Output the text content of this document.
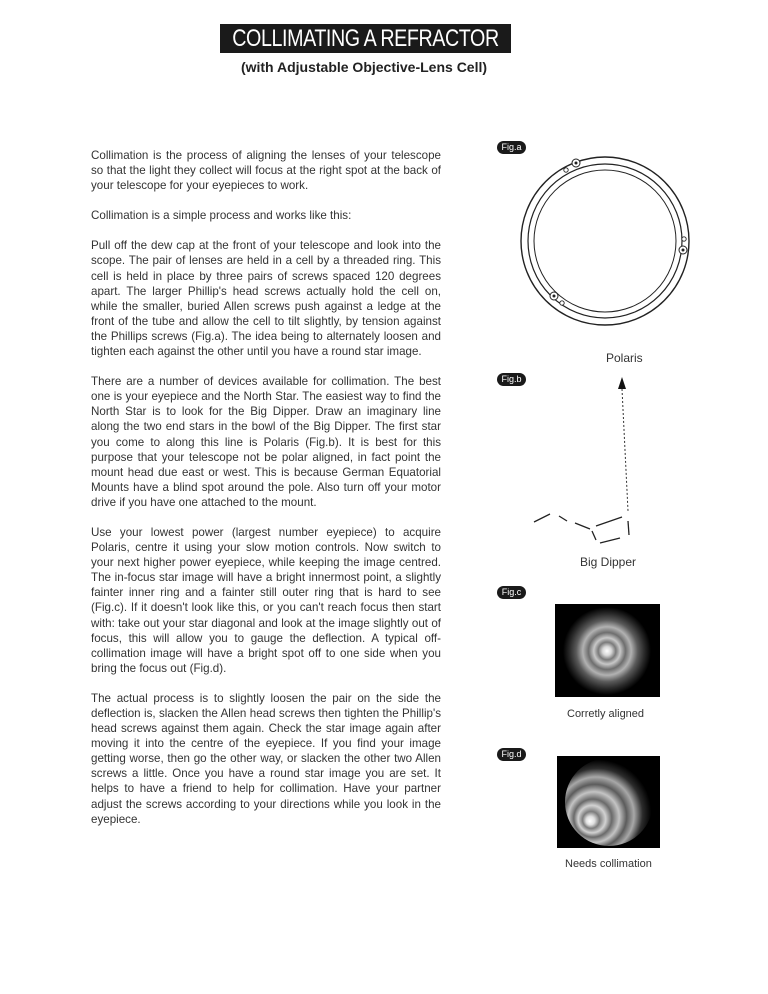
COLLIMATING A REFRACTOR
(with Adjustable Objective-Lens Cell)

Collimation is the process of aligning the lenses of your telescope so that the light they collect will focus at the right spot at the back of your telescope for your eyepieces to work.

Collimation is a simple process and works like this:

Pull off the dew cap at the front of your telescope and look into the scope. The pair of lenses are held in a cell by a threaded ring. This cell is held in place by three pairs of screws spaced 120 degrees apart. The larger Phillip's head screws actually hold the cell on, while the smaller, buried Allen screws push against a ledge at the front of the tube and allow the cell to tilt slightly, by tension against the Phillips screws (Fig.a). The idea being to alternately loosen and tighten each against the other until you have a round star image.

There are a number of devices available for collimation. The best one is your eyepiece and the North Star. The easiest way to find the North Star is to look for the Big Dipper. Draw an imaginary line along the two end stars in the bowl of the Big Dipper. The first star you come to along this line is Polaris (Fig.b). It is best for this purpose that your telescope not be polar aligned, in fact point the mount head due east or west. This is because German Equatorial Mounts have a blind spot around the pole. Also turn off your motor drive if you have one attached to the mount.

Use your lowest power (largest number eyepiece) to acquire Polaris, centre it using your slow motion controls. Now switch to your next higher power eyepiece, while keeping the image centred. The in-focus star image will have a bright innermost point, a slightly fainter inner ring and a fainter still outer ring that is hard to see (Fig.c). If it doesn't look like this, or you can't reach focus then start with: take out your star diagonal and look at the image slightly out of focus, this will allow you to gauge the deflection. A typical off-collimation image will have a bright spot off to one side when you bring the focus out (Fig.d).

The actual process is to slightly loosen the pair on the side the deflection is, slacken the Allen head screws then tighten the Phillip's head screws against them again. Check the star image again after moving it into the centre of the eyepiece. If you find your image getting worse, then go the other way, or slacken the other two Allen screws a little. Once you have a round star image you are set. It helps to have a friend to help for collimation. Have your partner adjust the screws according to your directions while you look in the eyepiece.

Fig.a
Polaris
Fig.b
Big Dipper
Fig.c
Corretly aligned
Fig.d
Needs collimation
